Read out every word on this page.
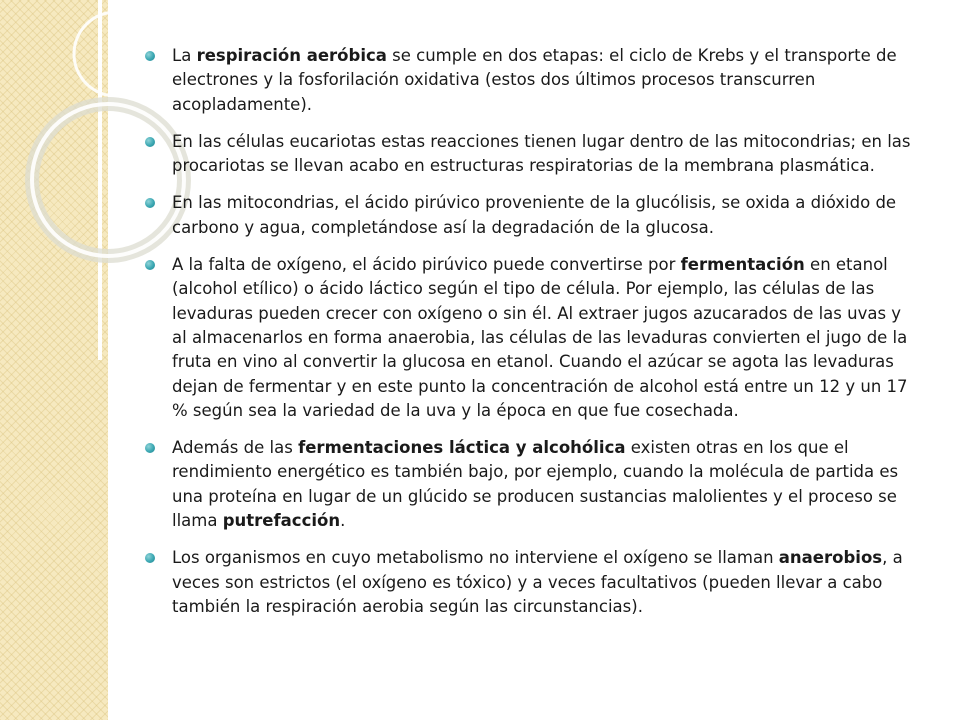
La respiración aeróbica se cumple en dos etapas: el ciclo de Krebs y el transporte de electrones y la fosforilación oxidativa (estos dos últimos procesos transcurren acopladamente).
En las células eucariotas estas reacciones tienen lugar dentro de las mitocondrias; en las procariotas se llevan acabo en estructuras respiratorias de la membrana plasmática.
En las mitocondrias, el ácido pirúvico proveniente de la glucólisis, se oxida a dióxido de carbono y agua, completándose así la degradación de la glucosa.
A la falta de oxígeno, el ácido pirúvico puede convertirse por fermentación en etanol (alcohol etílico) o ácido láctico según el tipo de célula. Por ejemplo, las células de las levaduras pueden crecer con oxígeno o sin él. Al extraer jugos azucarados de las uvas y al almacenarlos en forma anaerobia, las células de las levaduras convierten el jugo de la fruta en vino al convertir la glucosa en etanol. Cuando el azúcar se agota las levaduras dejan de fermentar y en este punto la concentración de alcohol está entre un 12 y un 17 % según sea la variedad de la uva y la época en que fue cosechada.
Además de las fermentaciones láctica y alcohólica existen otras en los que el rendimiento energético es también bajo, por ejemplo, cuando la molécula de partida es una proteína en lugar de un glúcido se producen sustancias malolientes y el proceso se llama putrefacción.
Los organismos en cuyo metabolismo no interviene el oxígeno se llaman anaerobios, a veces son estrictos (el oxígeno es tóxico) y a veces facultativos (pueden llevar a cabo también la respiración aerobia según las circunstancias).
